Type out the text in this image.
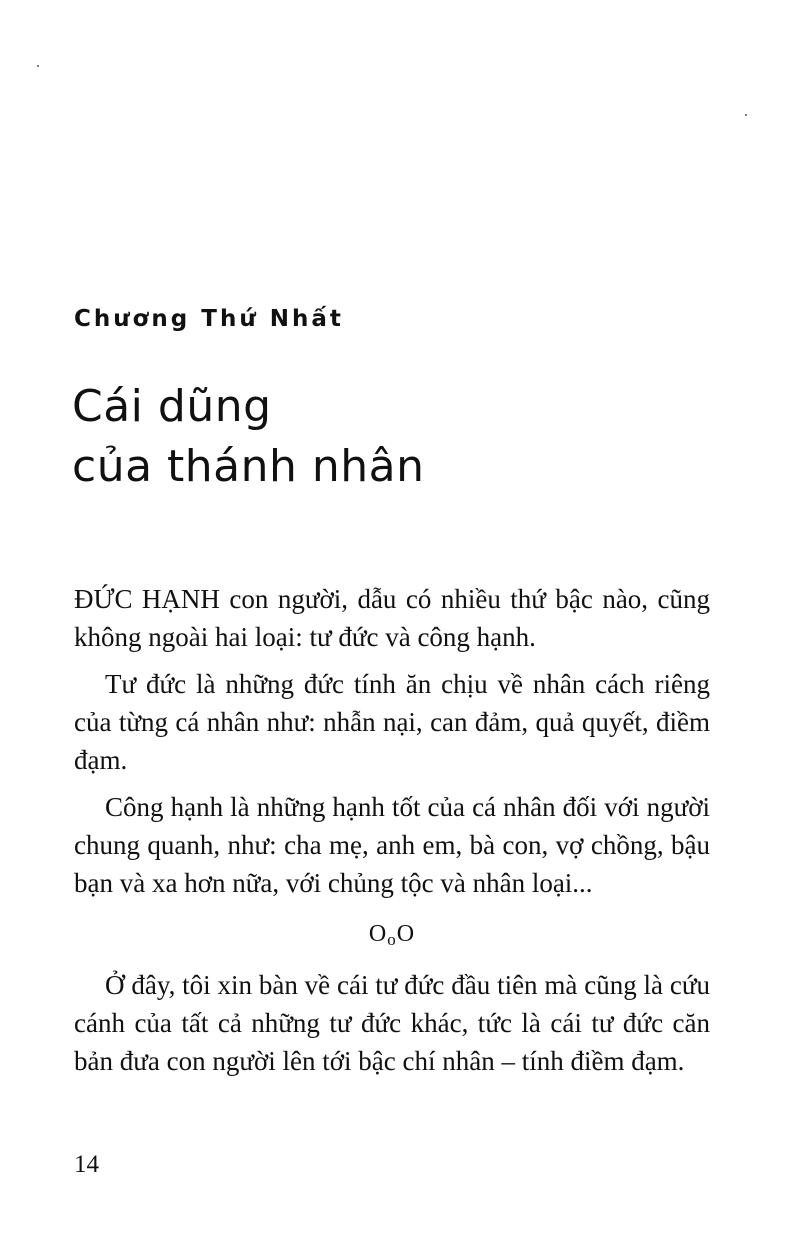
Chương Thứ Nhất
Cái dũng
của thánh nhân

ĐỨC HẠNH con người, dẫu có nhiều thứ bậc nào, cũng không ngoài hai loại: tư đức và công hạnh.

Tư đức là những đức tính ăn chịu về nhân cách riêng của từng cá nhân như: nhẫn nại, can đảm, quả quyết, điềm đạm.

Công hạnh là những hạnh tốt của cá nhân đối với người chung quanh, như: cha mẹ, anh em, bà con, vợ chồng, bậu bạn và xa hơn nữa, với chủng tộc và nhân loại...

OoO

Ở đây, tôi xin bàn về cái tư đức đầu tiên mà cũng là cứu cánh của tất cả những tư đức khác, tức là cái tư đức căn bản đưa con người lên tới bậc chí nhân – tính điềm đạm.

14
